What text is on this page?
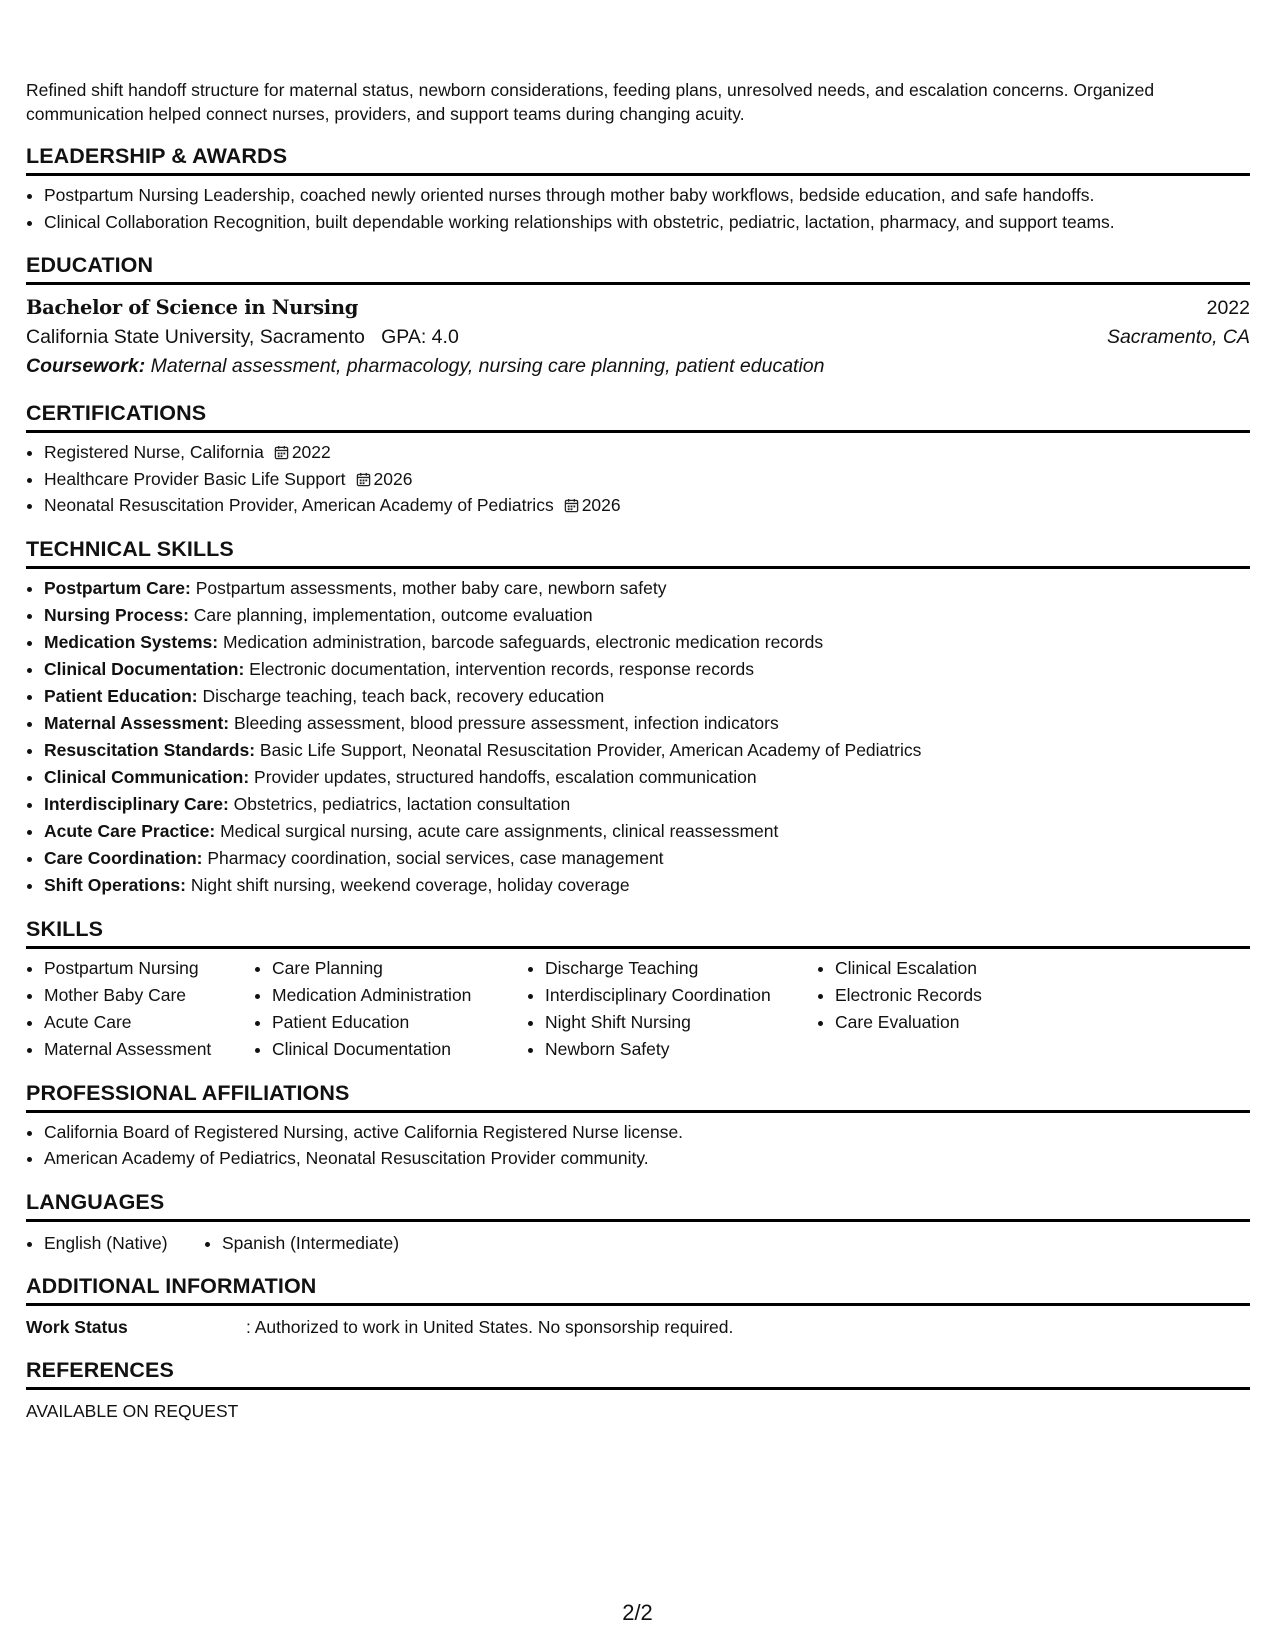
Refined shift handoff structure for maternal status, newborn considerations, feeding plans, unresolved needs, and escalation concerns. Organized communication helped connect nurses, providers, and support teams during changing acuity.

LEADERSHIP & AWARDS
• Postpartum Nursing Leadership, coached newly oriented nurses through mother baby workflows, bedside education, and safe handoffs.
• Clinical Collaboration Recognition, built dependable working relationships with obstetric, pediatric, lactation, pharmacy, and support teams.
EDUCATION
Bachelor of Science in Nursing	2022
California State University, Sacramento   GPA: 4.0	Sacramento, CA
Coursework: Maternal assessment, pharmacology, nursing care planning, patient education
CERTIFICATIONS
• Registered Nurse, California 2022
• Healthcare Provider Basic Life Support 2026
• Neonatal Resuscitation Provider, American Academy of Pediatrics 2026
TECHNICAL SKILLS
• Postpartum Care: Postpartum assessments, mother baby care, newborn safety
• Nursing Process: Care planning, implementation, outcome evaluation
• Medication Systems: Medication administration, barcode safeguards, electronic medication records
• Clinical Documentation: Electronic documentation, intervention records, response records
• Patient Education: Discharge teaching, teach back, recovery education
• Maternal Assessment: Bleeding assessment, blood pressure assessment, infection indicators
• Resuscitation Standards: Basic Life Support, Neonatal Resuscitation Provider, American Academy of Pediatrics
• Clinical Communication: Provider updates, structured handoffs, escalation communication
• Interdisciplinary Care: Obstetrics, pediatrics, lactation consultation
• Acute Care Practice: Medical surgical nursing, acute care assignments, clinical reassessment
• Care Coordination: Pharmacy coordination, social services, case management
• Shift Operations: Night shift nursing, weekend coverage, holiday coverage
SKILLS
• Postpartum Nursing
• Mother Baby Care
• Acute Care
• Maternal Assessment
• Care Planning
• Medication Administration
• Patient Education
• Clinical Documentation
• Discharge Teaching
• Interdisciplinary Coordination
• Night Shift Nursing
• Newborn Safety
• Clinical Escalation
• Electronic Records
• Care Evaluation
PROFESSIONAL AFFILIATIONS
• California Board of Registered Nursing, active California Registered Nurse license.
• American Academy of Pediatrics, Neonatal Resuscitation Provider community.
LANGUAGES
• English (Native)
•	Spanish (Intermediate)
ADDITIONAL INFORMATION
Work Status	: Authorized to work in United States. No sponsorship required.
REFERENCES
AVAILABLE ON REQUEST
2/2
